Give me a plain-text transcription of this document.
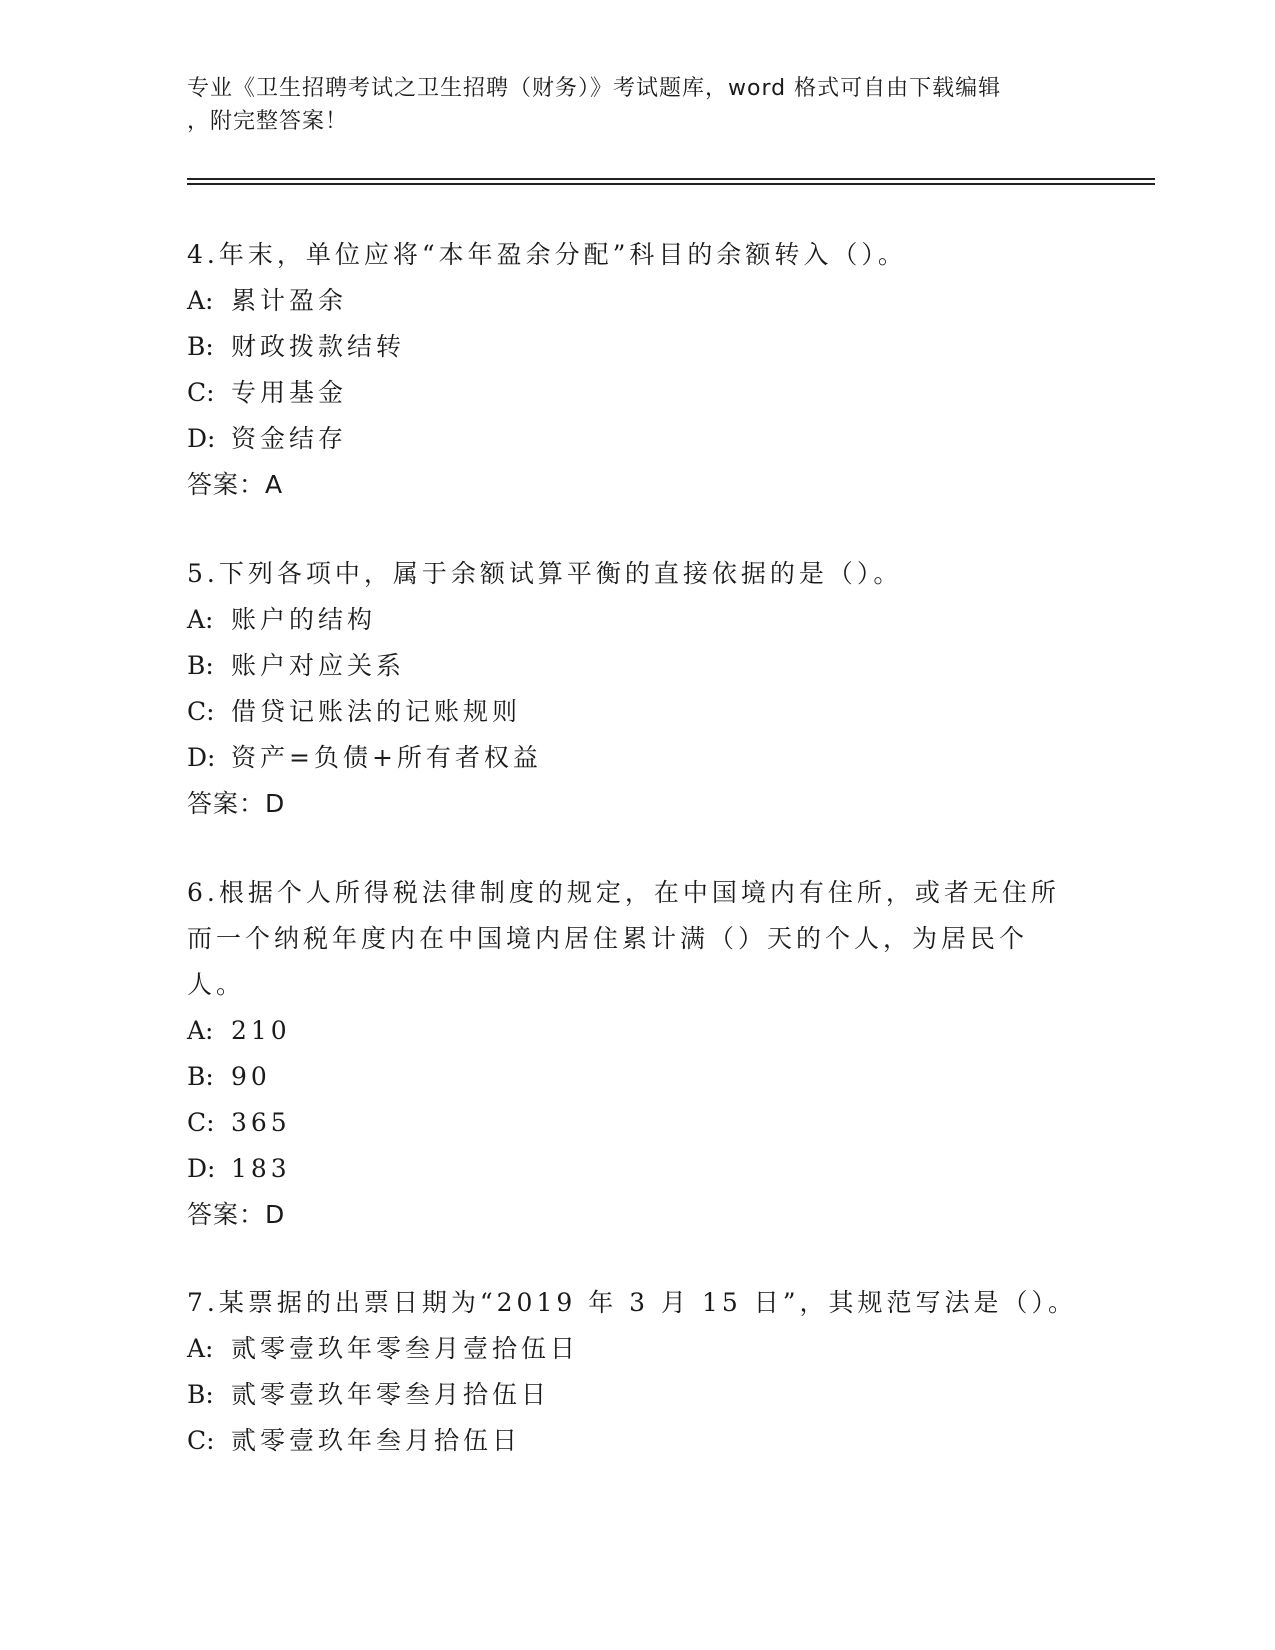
专业《卫生招聘考试之卫生招聘（财务）》考试题库，word 格式可自由下载编辑
，附完整答案！

4.年末，单位应将“本年盈余分配”科目的余额转入（）。

A: 累计盈余

B: 财政拨款结转

C: 专用基金

D: 资金结存

答案：A

5.下列各项中，属于余额试算平衡的直接依据的是（）。

A: 账户的结构

B: 账户对应关系

C: 借贷记账法的记账规则

D: 资产=负债+所有者权益

答案：D

6.根据个人所得税法律制度的规定，在中国境内有住所，或者无住所而一个纳税年度内在中国境内居住累计满（）天的个人，为居民个人。

A: 210

B: 90

C: 365

D: 183

答案：D

7.某票据的出票日期为“2019 年 3 月 15 日”，其规范写法是（）。

A: 贰零壹玖年零叁月壹拾伍日

B: 贰零壹玖年零叁月拾伍日

C: 贰零壹玖年叁月拾伍日
